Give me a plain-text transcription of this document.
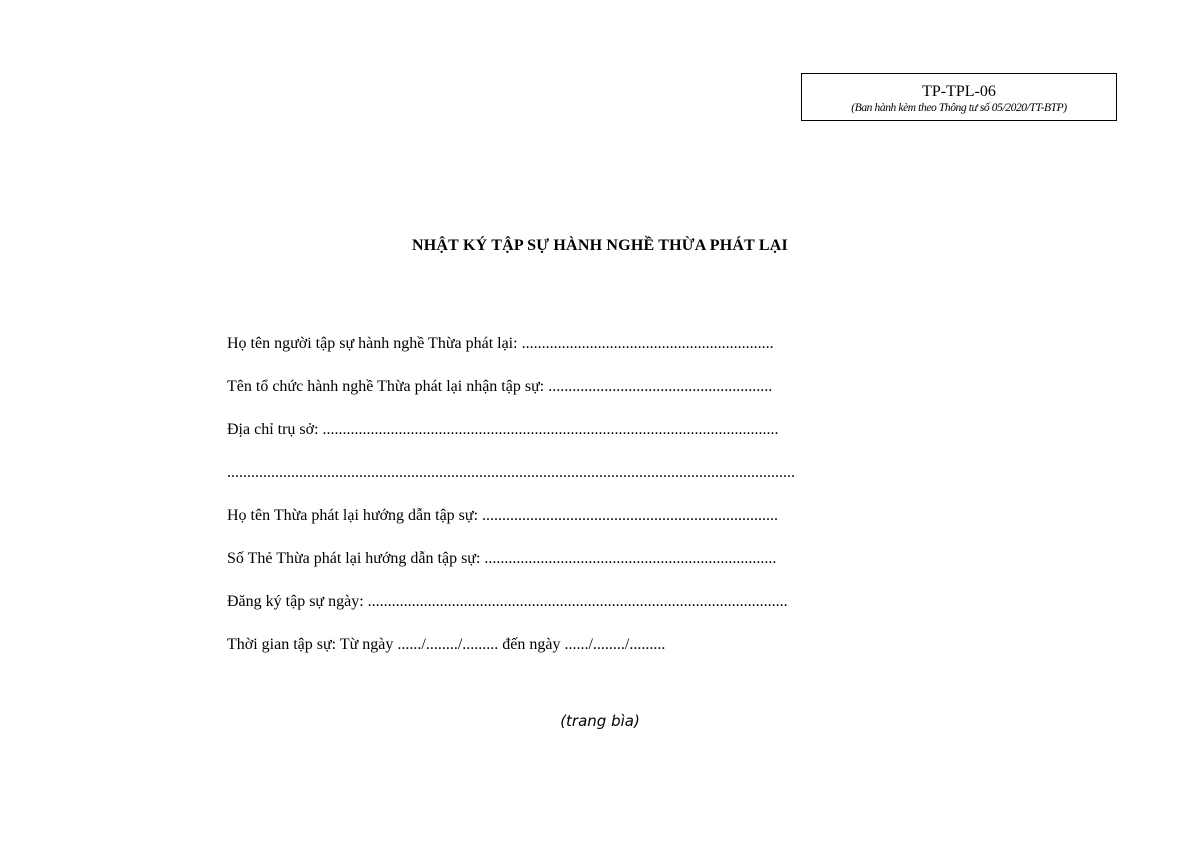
TP-TPL-06
(Ban hành kèm theo Thông tư số 05/2020/TT-BTP)
NHẬT KÝ TẬP SỰ HÀNH NGHỀ THỪA PHÁT LẠI
Họ tên người tập sự hành nghề Thừa phát lại: ...............................................................
Tên tổ chức hành nghề Thừa phát lại nhận tập sự: ........................................................
Địa chỉ trụ sở: ..................................................................................................................
..............................................................................................................................................
Họ tên Thừa phát lại hướng dẫn tập sự: ..........................................................................
Số Thẻ Thừa phát lại hướng dẫn tập sự: .........................................................................
Đăng ký tập sự ngày: .........................................................................................................
Thời gian tập sự: Từ ngày ....../......../......... đến ngày ....../......../.........
(trang bìa)
